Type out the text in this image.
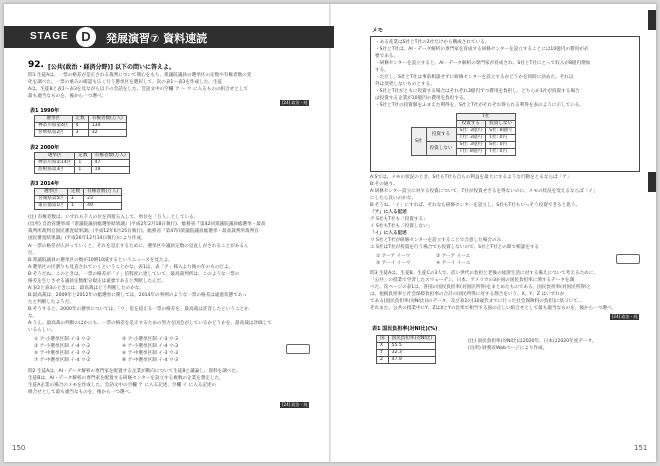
STAGE D	発展演習⑦ 資料速読
92. [公共(政治・経済分野)] 以下の問いに答えよ。
問1 生徒Aは、一票の格差が是正される裁判について関心をもち、衆議院議員の選挙区の定数や有権者数の変
化を調べた。一票の重みの確認も広く行う選挙区を選択して、次の表1〜表3を作成した。生徒
Aは、生徒Bと表1〜表3を見ながら以下の会話をした。会話文中の空欄 ア 〜 ウ に入るものの組合せとして
最も適当なものを、後から一つ選べ。
[24] 政治・経
表1 1990年
選挙区	定数	有権者数(万人)
神奈川県第4区	4	134
宮崎県第2区	3	32
表2 2000年
選挙区	定数	有権者数(万人)
神奈川県第14区	1	47
島根県第3区	1	19
表3 2014年
選挙区	定数	有権者数(万人)
宮城県第5区	1	23
東京都第1区	1	49
(注) 有権者数は、いずれも千人の位を四捨五入して、単位を「万人」としている。
(出所) 自治省選挙部『衆議院議員総選挙結果調』(平成2年2月18日執行)、総務省『第42回衆議院議員総選挙・最高
裁判所裁判官国民審査結果調』(平成12年6月25日執行)、総務省『第47回衆議院議員総選挙・最高裁判所裁判官
国民審査結果調』(平成26年12月14日執行)により作成。
A:一票の格差が広がっていくと、それを是正するために、選挙区や議員定数の見直しがされることがあるん
だ。
B:衆議院議員の選挙区の数が10増10減するというニュースを見たよ。
A:選挙区の区割りも見直されていくということかな。表1は、表「ア」様入より後の年のものだよ。
B:そうだね。このときは、一票の格差が「イ」倍程度に達していて、最高裁判所は、このような一票の
格差を生じさせる議員定数配分規定は違憲であると判断したんだ。
A:表2と表3のときには、最高裁はどう判断したのかな。
B:最高裁は、2009年と2012年の総選挙に関しては、2014年の事例のような一票の格差は違憲状態であっ
たと判断したようだ。
B:そうすると、2000年の選挙については、「ウ」倍を超える一票の格差を、最高裁は許容したということか
な。
A:うん。最高裁の判断のほかにも、一票の格差を是正するための努力を国会がしているかどうかを、最高裁は評価して
いるらしい。
① ア-小選挙区制 イ-3 ウ-2
③ ア-小選挙区制 イ-4 ウ-2
⑤ ア-中選挙区制 イ-3 ウ-2
⑦ ア-中選挙区制 イ-4 ウ-2
② ア-小選挙区制 イ-3 ウ-3
④ ア-小選挙区制 イ-4 ウ-3
⑥ ア-中選挙区制 イ-3 ウ-3
⑧ ア-中選挙区制 イ-4 ウ-3
問2 生徒Aは、AI・データ解析の専門家を配置する企業が動向について生徒Bと議論し、資料を調べた。
生徒Bは、AI・データ解析の専門家を配置する研修センターを設立する複数の企業を想定した、
生徒A企業の場合のメモを作成した。会話文中の空欄 ア に入る記述、空欄 イ に入る記述の
組合せとして最も適当なものを、後から一つ選べ。
[24] 政治・経
150
メモ
・ある産業はS社とT社の2社だけから構成されている。
・S社とT社は、AI・データ解析の専門家を育成する研修センターを設立することには10億円の費用が必
要である。
・研修センターを設立すると、AI・データ解析の専門家が育成され、S社とT社にとって収入が8億円増加
する。
・ただし、S社とT社は事前相談せずに研修センターを設立するかどうかを同時に決めた。それ以
外は変更しないものとする。
・S社とT社がともに投資する場合はそれぞれ3億円ずつ費用を負担し、どちらか1社が投資する場合
は投資する企業が10億円の費用を負担する。
・S社とT社の投資額をふまえた利得を、S社とT社がそれぞれ得られる利得を表のように示している。
		T社	
		投資する	投資しない
S社	投資する	S社: 3億円	S社: 8億円
		T社: 3億円	T社: 0円
	投資しない	S社: 3億円	S社: 0円
		T社: 8億円	T社: 0円
A:Sでは、メモの状況のとき、S社もT社も自らの利益を最大にするような行動をとるならば「ア」
B:その通り。
A:研修センター設立に対する投資について、T社が投資せざるを得ないのに、メモの状況を変えるならば「イ」
にしたら良いのかな。
B:そうね。「イ」にすれば、それなら研修センターを設立し、S社もT社もいっそう投資できると思う。
「ア」に入る記述
ア S社もT社も「投資する」
イ S社もT社も「投資しない」
「イ」に入る記述
ウ S社とT社が研修センターを設立することで合意した場合のみ、
エ S社はT社が投資を行う場合でも投資しないので、S社とT社との間で相談をする
① アーア イーウ
③ アーイ イーウ
② アーア イーエ
④ アーイ イーエ
問3 生徒Aは、生徒B、生徒Cの3人で、活い世代の負担と老後の経済生活に対する備えについて考えるために、
「公共」の授業で学習したスウェーデン、日本、アメリカの3か国の国民負担率に関するデータを調
べた。次ページの表1は、各国の国民負担率(対国民所得)をまとめたものである。国民負担率(対国民所得)と
は、租税負担率と社会保障負担率の合計の国民所得に対する割合をいう。X、Y、Z はいずれか
である[国民負担率(対NI比)]のデータ、及び表2の[30歳代までに行った社会保険料の負担]に基づいて…
ぞれまた、公共の授業中にY、ZはXとYの比率で相当する国の正しい組合せとして最も適当なものを、後から一つ選べ。
[24] 政治・経
表1 国民負担率(対NI比)(%)
国	国民負担率(対NI比)
X	55.5
Y	32.3
Z	47.9
(注) 国民負担率(対NI比)は2020年、日本は2020年度データ。
(出所) 財務省Webページにより作成。
151
